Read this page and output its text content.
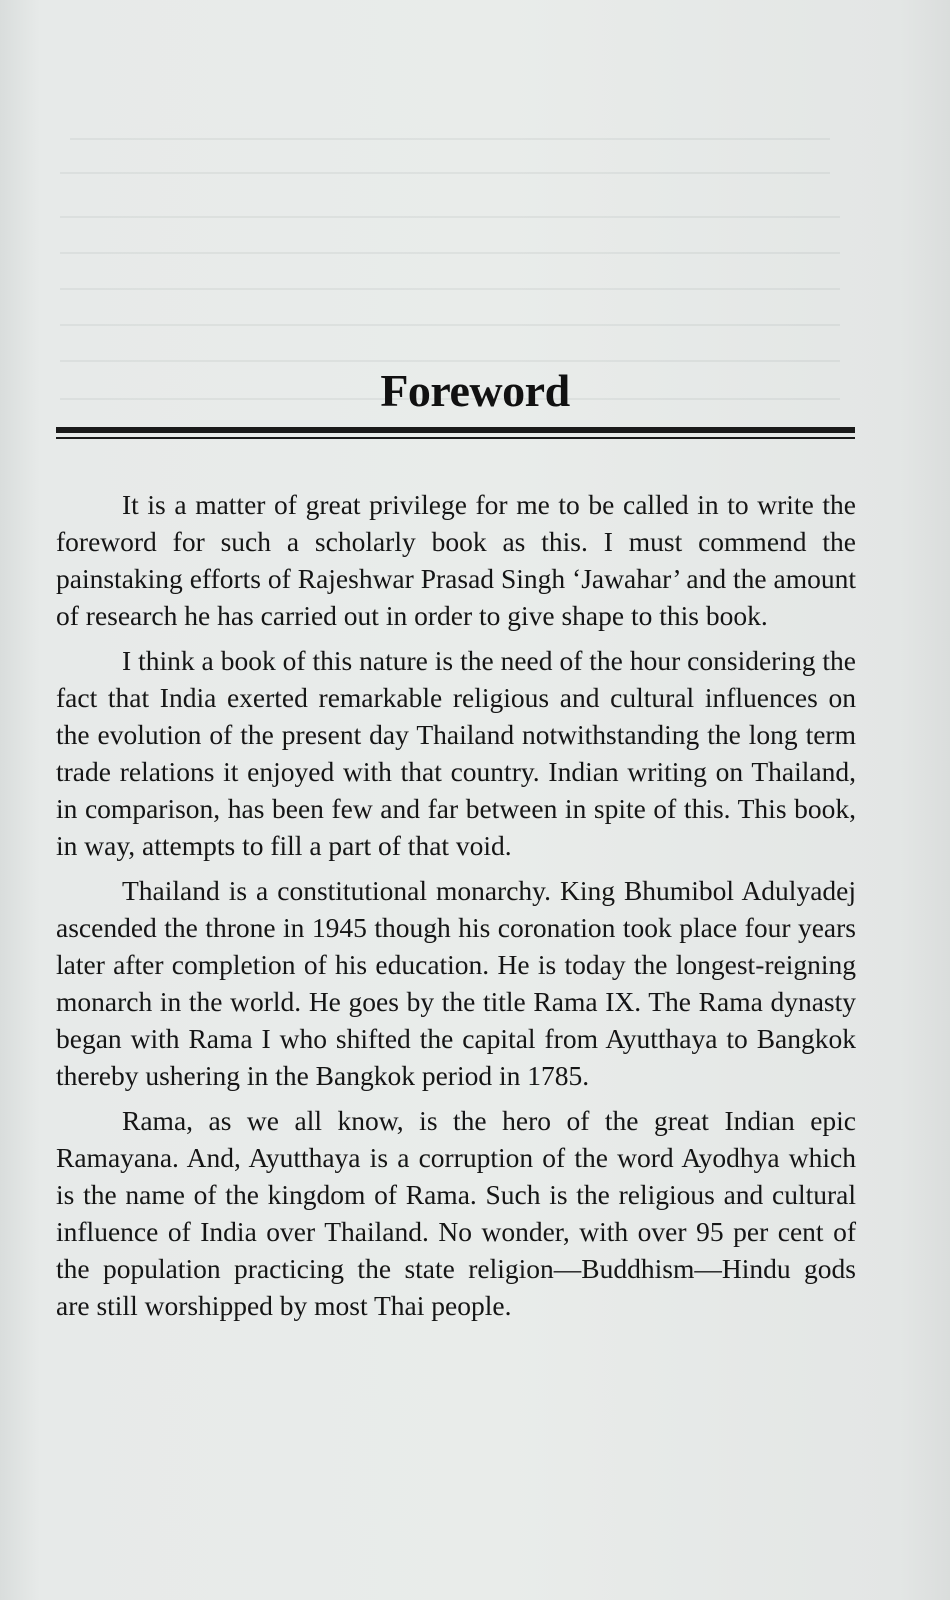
Foreword

It is a matter of great privilege for me to be called in to write the foreword for such a scholarly book as this. I must commend the painstaking efforts of Rajeshwar Prasad Singh ‘Jawahar’ and the amount of research he has carried out in order to give shape to this book.

I think a book of this nature is the need of the hour considering the fact that India exerted remarkable religious and cultural influences on the evolution of the present day Thailand notwithstanding the long term trade relations it enjoyed with that country. Indian writing on Thailand, in comparison, has been few and far between in spite of this. This book, in way, attempts to fill a part of that void.

Thailand is a constitutional monarchy. King Bhumibol Adulyadej ascended the throne in 1945 though his coronation took place four years later after completion of his education. He is today the longest-reigning monarch in the world. He goes by the title Rama IX. The Rama dynasty began with Rama I who shifted the capital from Ayutthaya to Bangkok thereby ushering in the Bangkok period in 1785.

Rama, as we all know, is the hero of the great Indian epic Ramayana. And, Ayutthaya is a corruption of the word Ayodhya which is the name of the kingdom of Rama. Such is the religious and cultural influence of India over Thailand. No wonder, with over 95 per cent of the population practicing the state religion—Buddhism—Hindu gods are still worshipped by most Thai people.
